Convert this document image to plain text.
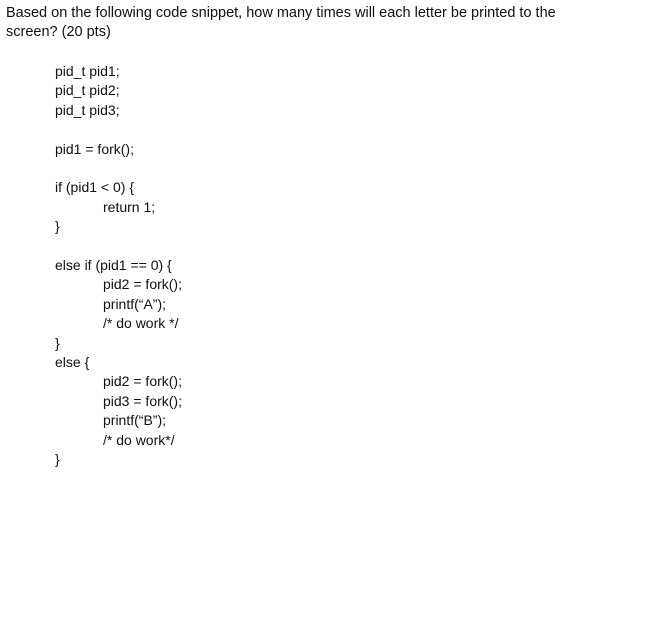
Based on the following code snippet, how many times will each letter be printed to the
screen? (20 pts)

pid_t pid1;
pid_t pid2;
pid_t pid3;
pid1 = fork();
if (pid1 < 0) {
return 1;
}
else if (pid1 == 0) {
pid2 = fork();
printf(“A”);
/* do work */
}
else {
pid2 = fork();
pid3 = fork();
printf(“B”);
/* do work*/
}
